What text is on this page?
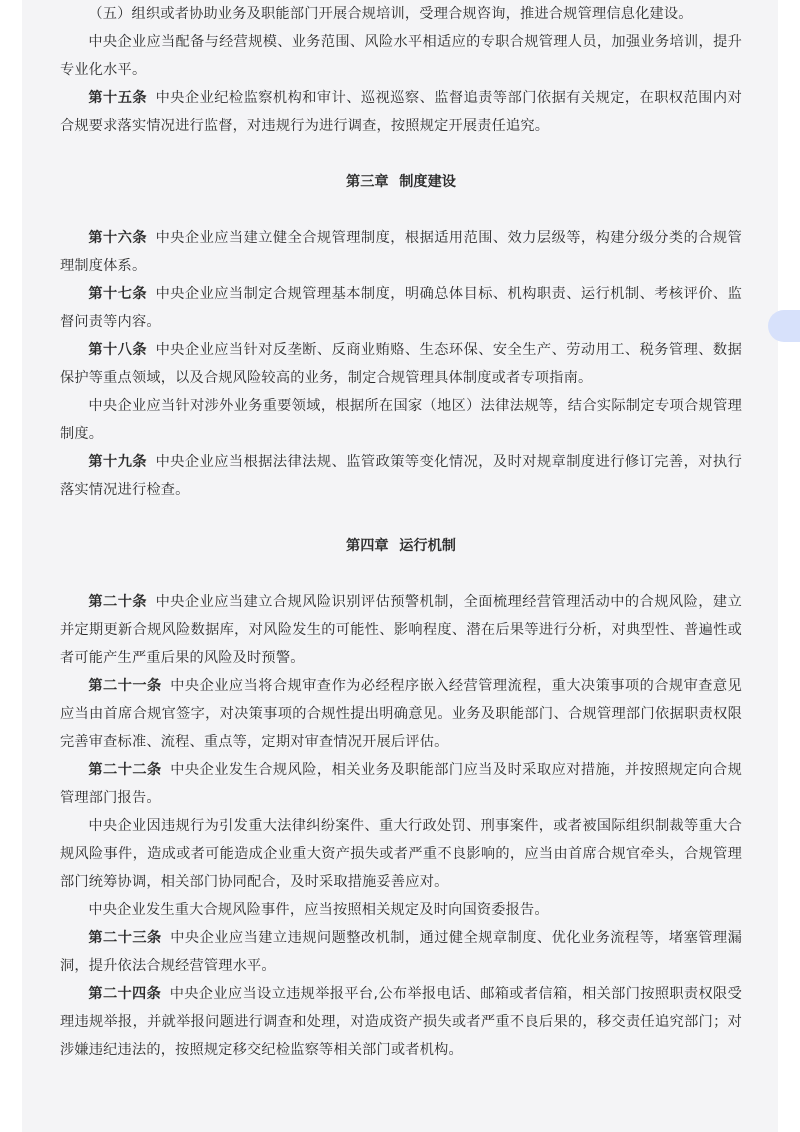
（五）组织或者协助业务及职能部门开展合规培训，受理合规咨询，推进合规管理信息化建设。

中央企业应当配备与经营规模、业务范围、风险水平相适应的专职合规管理人员，加强业务培训，提升专业化水平。

第十五条 中央企业纪检监察机构和审计、巡视巡察、监督追责等部门依据有关规定，在职权范围内对合规要求落实情况进行监督，对违规行为进行调查，按照规定开展责任追究。

第三章 制度建设

第十六条 中央企业应当建立健全合规管理制度，根据适用范围、效力层级等，构建分级分类的合规管理制度体系。

第十七条 中央企业应当制定合规管理基本制度，明确总体目标、机构职责、运行机制、考核评价、监督问责等内容。

第十八条 中央企业应当针对反垄断、反商业贿赂、生态环保、安全生产、劳动用工、税务管理、数据保护等重点领域，以及合规风险较高的业务，制定合规管理具体制度或者专项指南。

中央企业应当针对涉外业务重要领域，根据所在国家（地区）法律法规等，结合实际制定专项合规管理制度。

第十九条 中央企业应当根据法律法规、监管政策等变化情况，及时对规章制度进行修订完善，对执行落实情况进行检查。

第四章 运行机制

第二十条 中央企业应当建立合规风险识别评估预警机制，全面梳理经营管理活动中的合规风险，建立并定期更新合规风险数据库，对风险发生的可能性、影响程度、潜在后果等进行分析，对典型性、普遍性或者可能产生严重后果的风险及时预警。

第二十一条 中央企业应当将合规审查作为必经程序嵌入经营管理流程，重大决策事项的合规审查意见应当由首席合规官签字，对决策事项的合规性提出明确意见。业务及职能部门、合规管理部门依据职责权限完善审查标准、流程、重点等，定期对审查情况开展后评估。

第二十二条 中央企业发生合规风险，相关业务及职能部门应当及时采取应对措施，并按照规定向合规管理部门报告。

中央企业因违规行为引发重大法律纠纷案件、重大行政处罚、刑事案件，或者被国际组织制裁等重大合规风险事件，造成或者可能造成企业重大资产损失或者严重不良影响的，应当由首席合规官牵头，合规管理部门统筹协调，相关部门协同配合，及时采取措施妥善应对。

中央企业发生重大合规风险事件，应当按照相关规定及时向国资委报告。

第二十三条 中央企业应当建立违规问题整改机制，通过健全规章制度、优化业务流程等，堵塞管理漏洞，提升依法合规经营管理水平。

第二十四条 中央企业应当设立违规举报平台,公布举报电话、邮箱或者信箱，相关部门按照职责权限受理违规举报，并就举报问题进行调查和处理，对造成资产损失或者严重不良后果的，移交责任追究部门；对涉嫌违纪违法的，按照规定移交纪检监察等相关部门或者机构。
